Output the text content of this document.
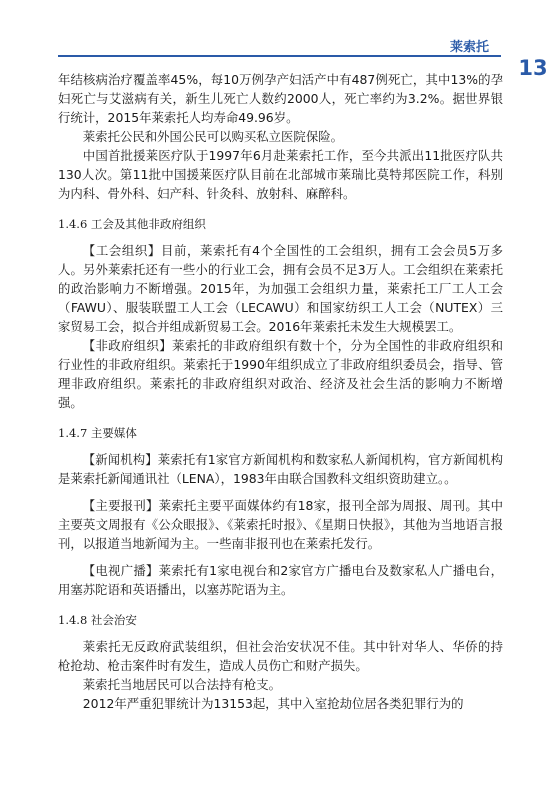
莱索托
13

年结核病治疗覆盖率45%，每10万例孕产妇活产中有487例死亡，其中13%的孕妇死亡与艾滋病有关，新生儿死亡人数约2000人，死亡率约为3.2%。据世界银行统计，2015年莱索托人均寿命49.96岁。

莱索托公民和外国公民可以购买私立医院保险。

中国首批援莱医疗队于1997年6月赴莱索托工作，至今共派出11批医疗队共130人次。第11批中国援莱医疗队目前在北部城市莱瑞比莫特邦医院工作，科别为内科、骨外科、妇产科、针灸科、放射科、麻醉科。

1.4.6 工会及其他非政府组织

【工会组织】目前，莱索托有4个全国性的工会组织，拥有工会会员5万多人。另外莱索托还有一些小的行业工会，拥有会员不足3万人。工会组织在莱索托的政治影响力不断增强。2015年，为加强工会组织力量，莱索托工厂工人工会（FAWU）、服装联盟工人工会（LECAWU）和国家纺织工人工会（NUTEX）三家贸易工会，拟合并组成新贸易工会。2016年莱索托未发生大规模罢工。

【非政府组织】莱索托的非政府组织有数十个，分为全国性的非政府组织和行业性的非政府组织。莱索托于1990年组织成立了非政府组织委员会，指导、管理非政府组织。莱索托的非政府组织对政治、经济及社会生活的影响力不断增强。

1.4.7 主要媒体

【新闻机构】莱索托有1家官方新闻机构和数家私人新闻机构，官方新闻机构是莱索托新闻通讯社（LENA），1983年由联合国教科文组织资助建立。。

【主要报刊】莱索托主要平面媒体约有18家，报刊全部为周报、周刊。其中主要英文周报有《公众眼报》、《莱索托时报》、《星期日快报》，其他为当地语言报刊，以报道当地新闻为主。一些南非报刊也在莱索托发行。

【电视广播】莱索托有1家电视台和2家官方广播电台及数家私人广播电台，用塞苏陀语和英语播出，以塞苏陀语为主。

1.4.8 社会治安

莱索托无反政府武装组织，但社会治安状况不佳。其中针对华人、华侨的持枪抢劫、枪击案件时有发生，造成人员伤亡和财产损失。

莱索托当地居民可以合法持有枪支。

2012年严重犯罪统计为13153起，其中入室抢劫位居各类犯罪行为的
